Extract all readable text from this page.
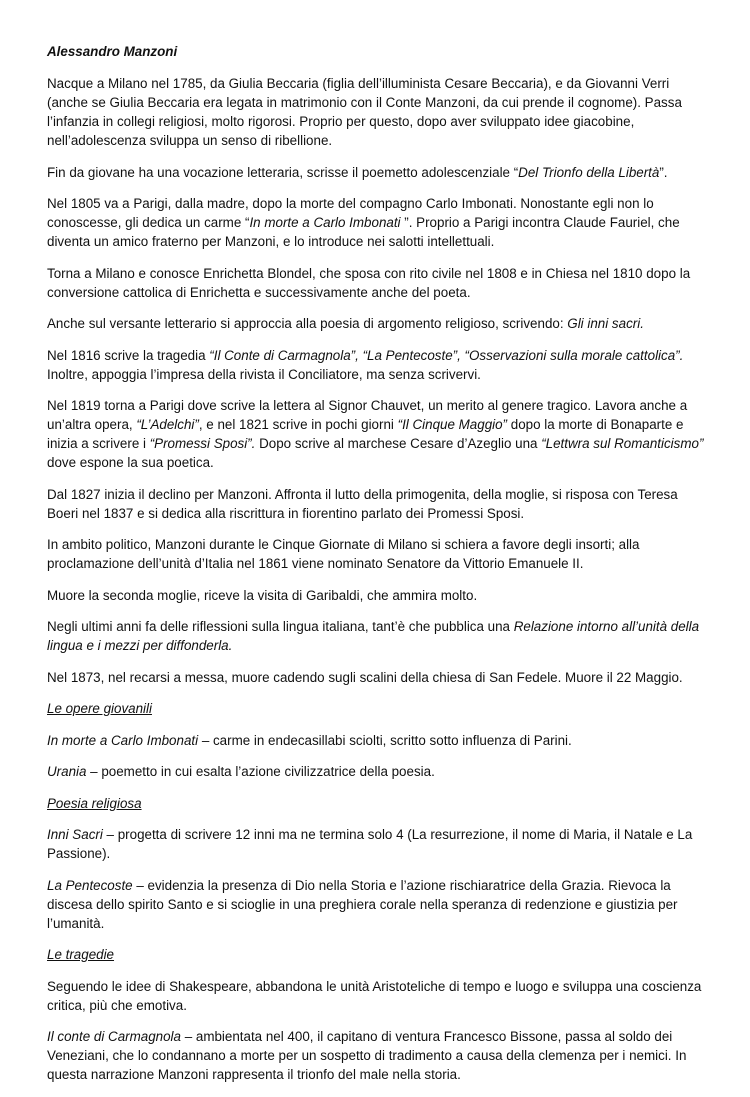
Alessandro Manzoni

Nacque a Milano nel 1785, da Giulia Beccaria (figlia dell’illuminista Cesare Beccaria), e da Giovanni Verri (anche se Giulia Beccaria era legata in matrimonio con il Conte Manzoni, da cui prende il cognome). Passa l’infanzia in collegi religiosi, molto rigorosi. Proprio per questo, dopo aver sviluppato idee giacobine, nell’adolescenza sviluppa un senso di ribellione.

Fin da giovane ha una vocazione letteraria, scrisse il poemetto adolescenziale “Del Trionfo della Libertà”.

Nel 1805 va a Parigi, dalla madre, dopo la morte del compagno Carlo Imbonati. Nonostante egli non lo conoscesse, gli dedica un carme “In morte a Carlo Imbonati ”. Proprio a Parigi incontra Claude Fauriel, che diventa un amico fraterno per Manzoni, e lo introduce nei salotti intellettuali.

Torna a Milano e conosce Enrichetta Blondel, che sposa con rito civile nel 1808 e in Chiesa nel 1810 dopo la conversione cattolica di Enrichetta e successivamente anche del poeta.

Anche sul versante letterario si approccia alla poesia di argomento religioso, scrivendo: Gli inni sacri.

Nel 1816 scrive la tragedia “Il Conte di Carmagnola”, “La Pentecoste”, “Osservazioni sulla morale cattolica”. Inoltre, appoggia l’impresa della rivista il Conciliatore, ma senza scrivervi.

Nel 1819 torna a Parigi dove scrive la lettera al Signor Chauvet, un merito al genere tragico. Lavora anche a un’altra opera, “L’Adelchi”, e nel 1821 scrive in pochi giorni “Il Cinque Maggio” dopo la morte di Bonaparte e inizia a scrivere i “Promessi Sposi”. Dopo scrive al marchese Cesare d’Azeglio una “Lettwra sul Romanticismo” dove espone la sua poetica.

Dal 1827 inizia il declino per Manzoni. Affronta il lutto della primogenita, della moglie, si risposa con Teresa Boeri nel 1837 e si dedica alla riscrittura in fiorentino parlato dei Promessi Sposi.

In ambito politico, Manzoni durante le Cinque Giornate di Milano si schiera a favore degli insorti; alla proclamazione dell’unità d’Italia nel 1861 viene nominato Senatore da Vittorio Emanuele II.

Muore la seconda moglie, riceve la visita di Garibaldi, che ammira molto.

Negli ultimi anni fa delle riflessioni sulla lingua italiana, tant’è che pubblica una Relazione intorno all’unità della lingua e i mezzi per diffonderla.

Nel 1873, nel recarsi a messa, muore cadendo sugli scalini della chiesa di San Fedele. Muore il 22 Maggio.

Le opere giovanili

In morte a Carlo Imbonati – carme in endecasillabi sciolti, scritto sotto influenza di Parini.

Urania – poemetto in cui esalta l’azione civilizzatrice della poesia.

Poesia religiosa

Inni Sacri – progetta di scrivere 12 inni ma ne termina solo 4 (La resurrezione, il nome di Maria, il Natale e La Passione).

La Pentecoste – evidenzia la presenza di Dio nella Storia e l’azione rischiaratrice della Grazia. Rievoca la discesa dello spirito Santo e si scioglie in una preghiera corale nella speranza di redenzione e giustizia per l’umanità.

Le tragedie

Seguendo le idee di Shakespeare, abbandona le unità Aristoteliche di tempo e luogo e sviluppa una coscienza critica, più che emotiva.

Il conte di Carmagnola – ambientata nel 400, il capitano di ventura Francesco Bissone, passa al soldo dei Veneziani, che lo condannano a morte per un sospetto di tradimento a causa della clemenza per i nemici. In questa narrazione Manzoni rappresenta il trionfo del male nella storia.
